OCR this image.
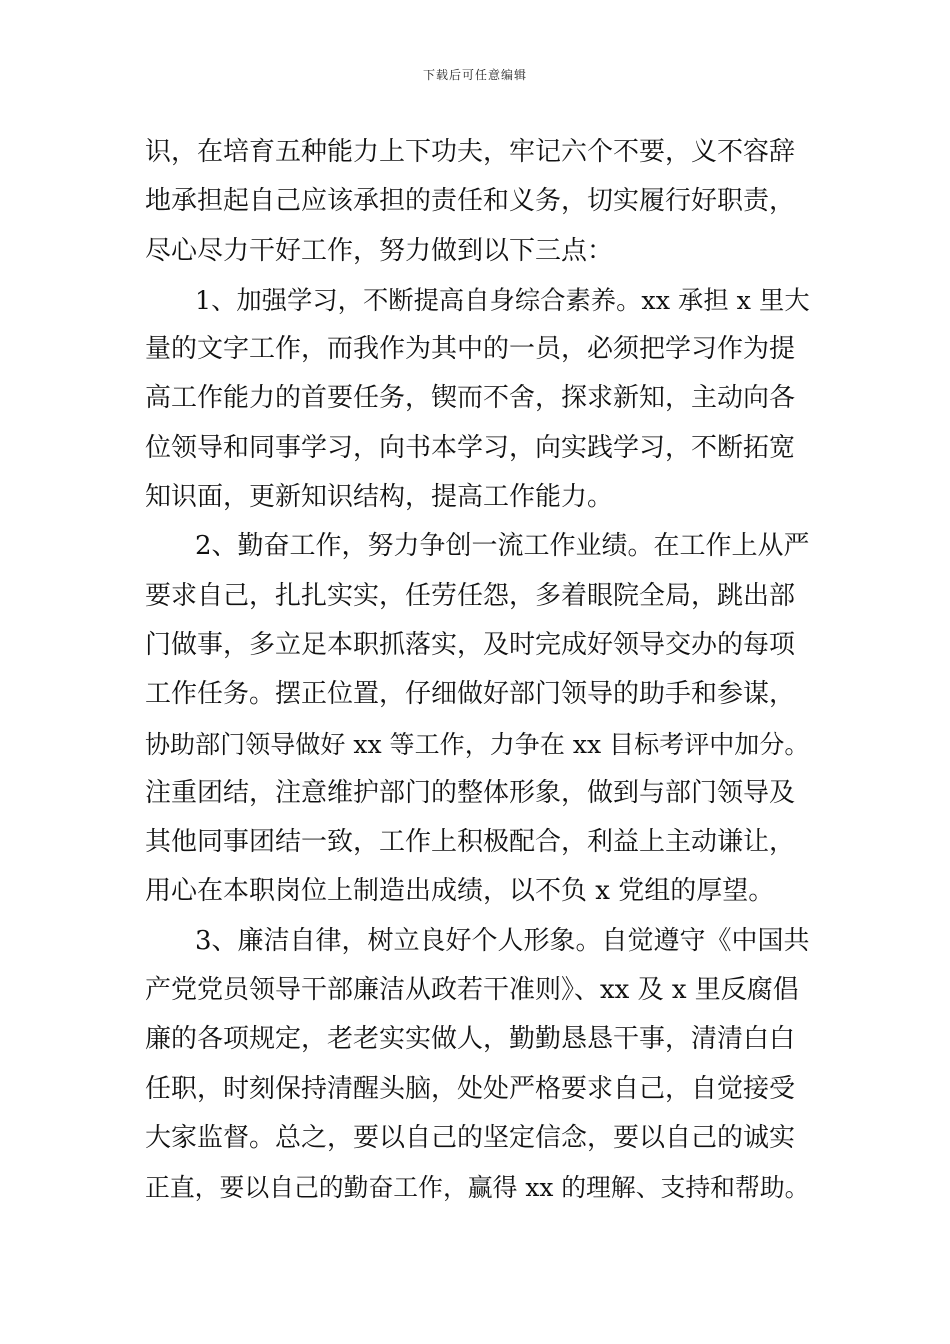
下载后可任意编辑
识，在培育五种能力上下功夫，牢记六个不要，义不容辞
地承担起自己应该承担的责任和义务，切实履行好职责，
尽心尽力干好工作，努力做到以下三点：
1、加强学习，不断提高自身综合素养。xx 承担 x 里大
量的文字工作，而我作为其中的一员，必须把学习作为提
高工作能力的首要任务，锲而不舍，探求新知，主动向各
位领导和同事学习，向书本学习，向实践学习，不断拓宽
知识面，更新知识结构，提高工作能力。
2、勤奋工作，努力争创一流工作业绩。在工作上从严
要求自己，扎扎实实，任劳任怨，多着眼院全局，跳出部
门做事，多立足本职抓落实，及时完成好领导交办的每项
工作任务。摆正位置，仔细做好部门领导的助手和参谋，
协助部门领导做好 xx 等工作，力争在 xx 目标考评中加分。
注重团结，注意维护部门的整体形象，做到与部门领导及
其他同事团结一致，工作上积极配合，利益上主动谦让，
用心在本职岗位上制造出成绩，以不负 x 党组的厚望。
3、廉洁自律，树立良好个人形象。自觉遵守《中国共
产党党员领导干部廉洁从政若干准则》、xx 及 x 里反腐倡
廉的各项规定，老老实实做人，勤勤恳恳干事，清清白白
任职，时刻保持清醒头脑，处处严格要求自己，自觉接受
大家监督。总之，要以自己的坚定信念，要以自己的诚实
正直，要以自己的勤奋工作，赢得 xx 的理解、支持和帮助。
